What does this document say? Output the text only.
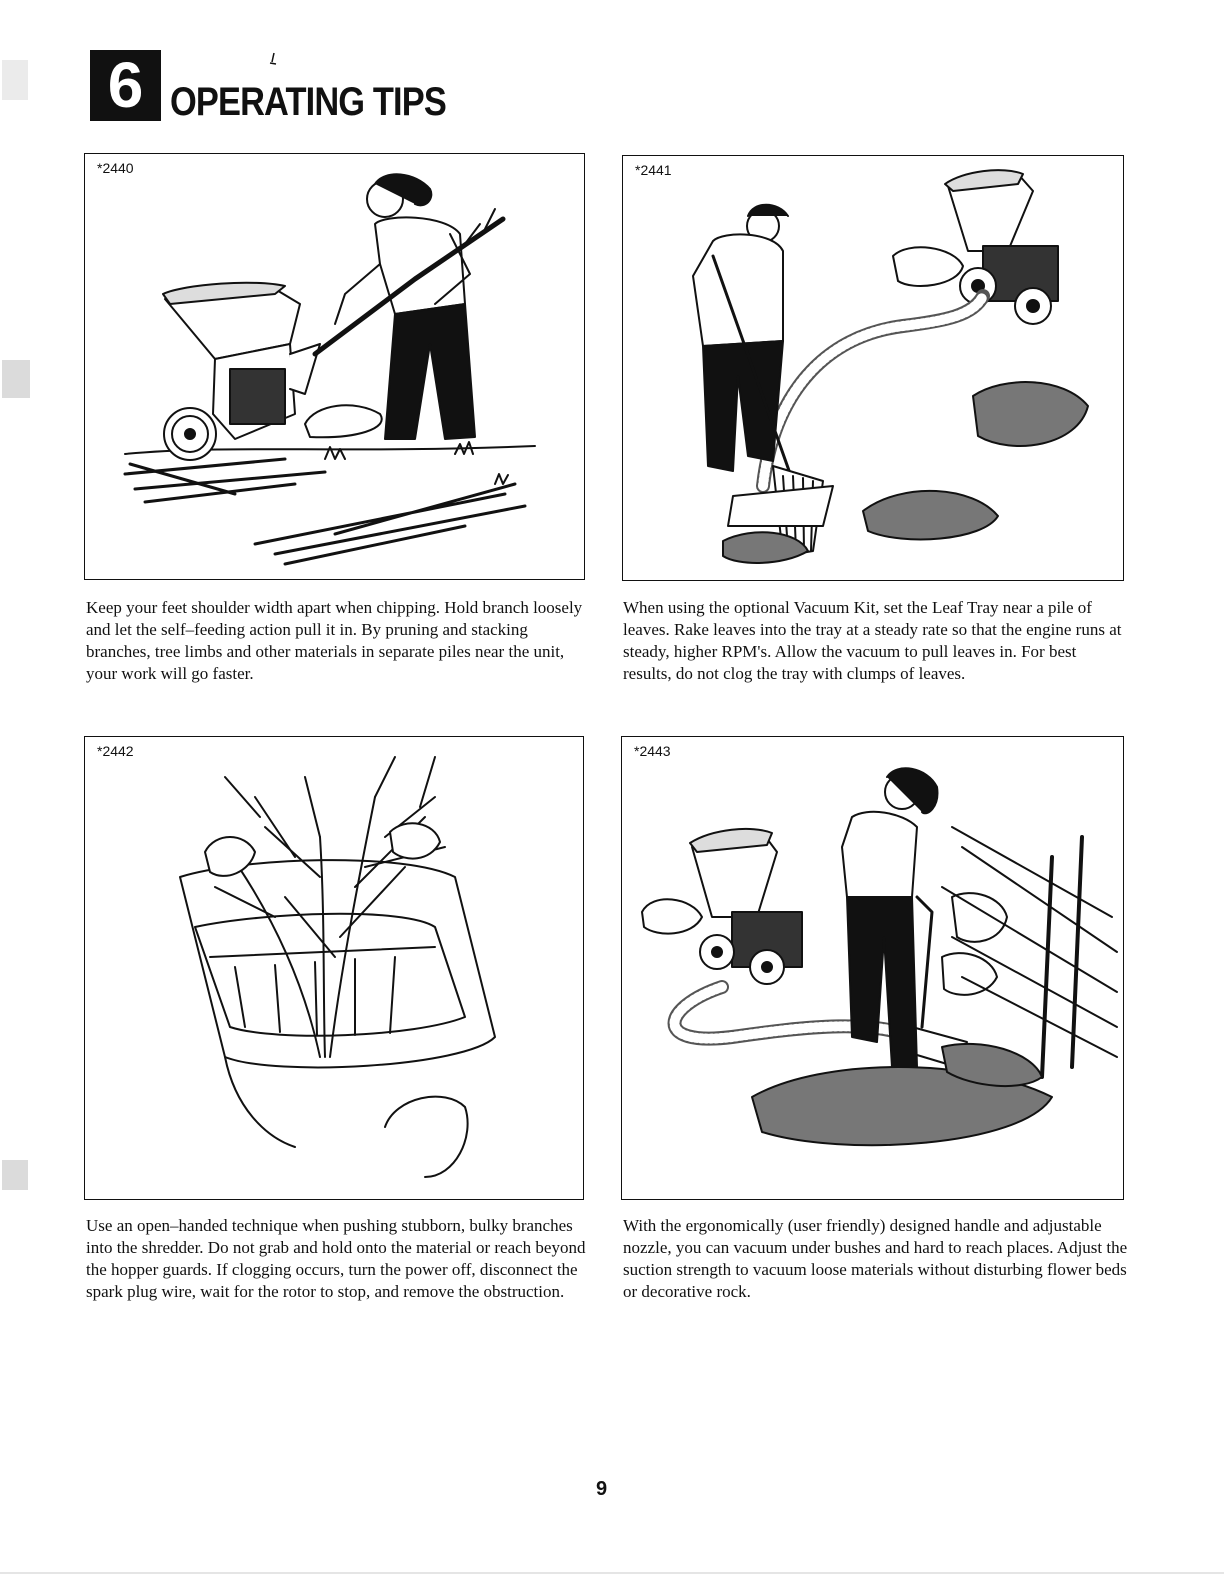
6 OPERATING TIPS
*2440	*2441
*2442	*2443

Keep your feet shoulder width apart when chipping. Hold branch loosely and let the self–feeding action pull it in. By pruning and stacking branches, tree limbs and other materials in separate piles near the unit, your work will go faster.

When using the optional Vacuum Kit, set the Leaf Tray near a pile of leaves. Rake leaves into the tray at a steady rate so that the engine runs at steady, higher RPM's. Allow the vacuum to pull leaves in. For best results, do not clog the tray with clumps of leaves.

Use an open–handed technique when pushing stubborn, bulky branches into the shredder. Do not grab and hold onto the material or reach beyond the hopper guards. If clogging occurs, turn the power off, disconnect the spark plug wire, wait for the rotor to stop, and remove the obstruction.

With the ergonomically (user friendly) designed handle and adjustable nozzle, you can vacuum under bushes and hard to reach places. Adjust the suction strength to vacuum loose materials without disturbing flower beds or decorative rock.

9
